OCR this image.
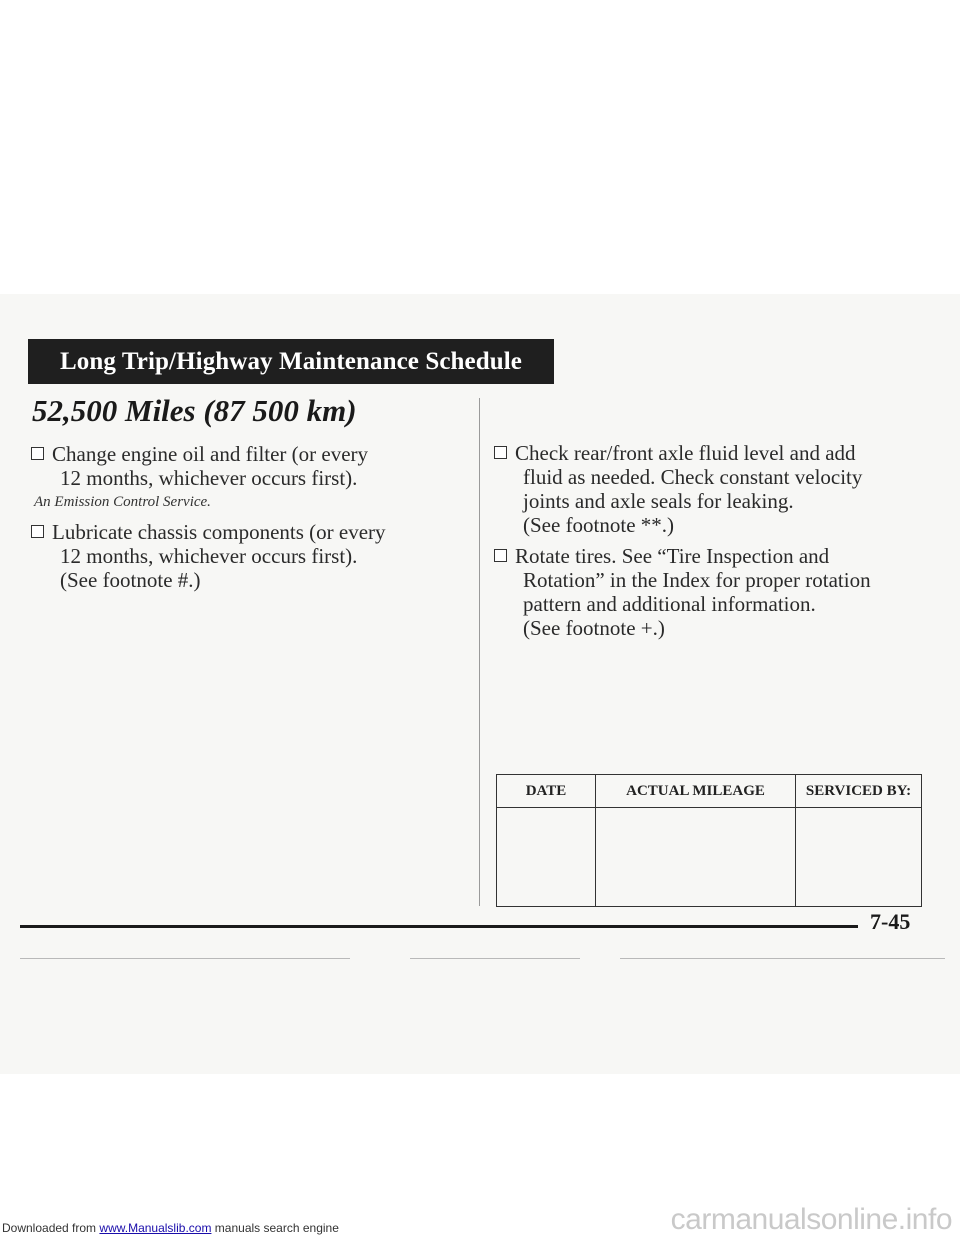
Long Trip/Highway Maintenance Schedule
52,500 Miles (87 500 km)
Change engine oil and filter (or every
12 months, whichever occurs first).
An Emission Control Service.
Lubricate chassis components (or every
12 months, whichever occurs first).
(See footnote #.)
Check rear/front axle fluid level and add
fluid as needed. Check constant velocity
joints and axle seals for leaking.
(See footnote **.)
Rotate tires. See “Tire Inspection and
Rotation” in the Index for proper rotation
pattern and additional information.
(See footnote +.)
DATE	ACTUAL MILEAGE	SERVICED BY:

7-45
Downloaded from www.Manualslib.com manuals search engine	carmanualsonline.info
